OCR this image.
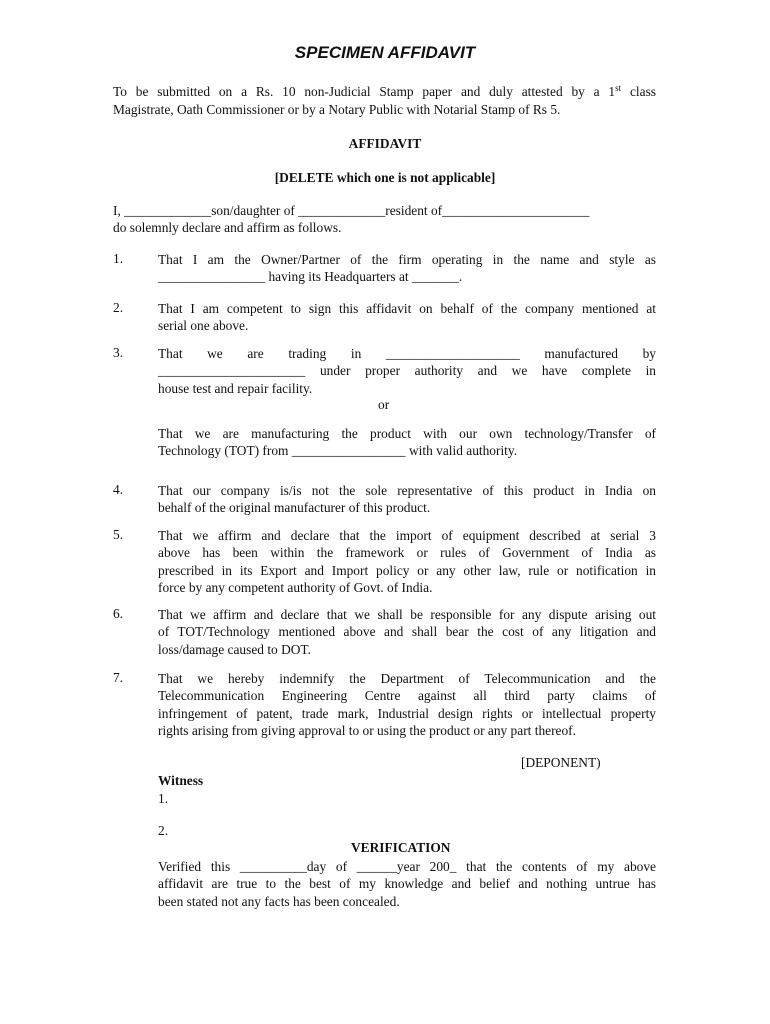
SPECIMEN AFFIDAVIT
To be submitted on a Rs. 10 non-Judicial Stamp paper and duly attested by a 1st class
Magistrate, Oath Commissioner or by a Notary Public with Notarial Stamp of Rs 5.
AFFIDAVIT
[DELETE which one is not applicable]
I, _____________son/daughter of _____________resident of______________________
do solemnly declare and affirm as follows.
1.	That I am the Owner/Partner of the firm operating in the name and style as
________________ having its Headquarters at _______.
2.	That I am competent to sign this affidavit on behalf of the company mentioned at
serial one above.
3.	That we are trading in ____________________ manufactured by
______________________ under proper authority and we have complete in
house test and repair facility.
or
That we are manufacturing the product with our own technology/Transfer of
Technology (TOT) from _________________ with valid authority.
4.	That our company is/is not the sole representative of this product in India on
behalf of the original manufacturer of this product.
5.	That we affirm and declare that the import of equipment described at serial 3
above has been within the framework or rules of Government of India as
prescribed in its Export and Import policy or any other law, rule or notification in
force by any competent authority of Govt. of India.
6.	That we affirm and declare that we shall be responsible for any dispute arising out
of TOT/Technology mentioned above and shall bear the cost of any litigation and
loss/damage caused to DOT.
7.	That we hereby indemnify the Department of Telecommunication and the
Telecommunication Engineering Centre against all third party claims of
infringement of patent, trade mark, Industrial design rights or intellectual property
rights arising from giving approval to or using the product or any part thereof.
[DEPONENT)
Witness
1.
2.
VERIFICATION
Verified this __________day of ______year 200_ that the contents of my above
affidavit are true to the best of my knowledge and belief and nothing untrue has
been stated not any facts has been concealed.
